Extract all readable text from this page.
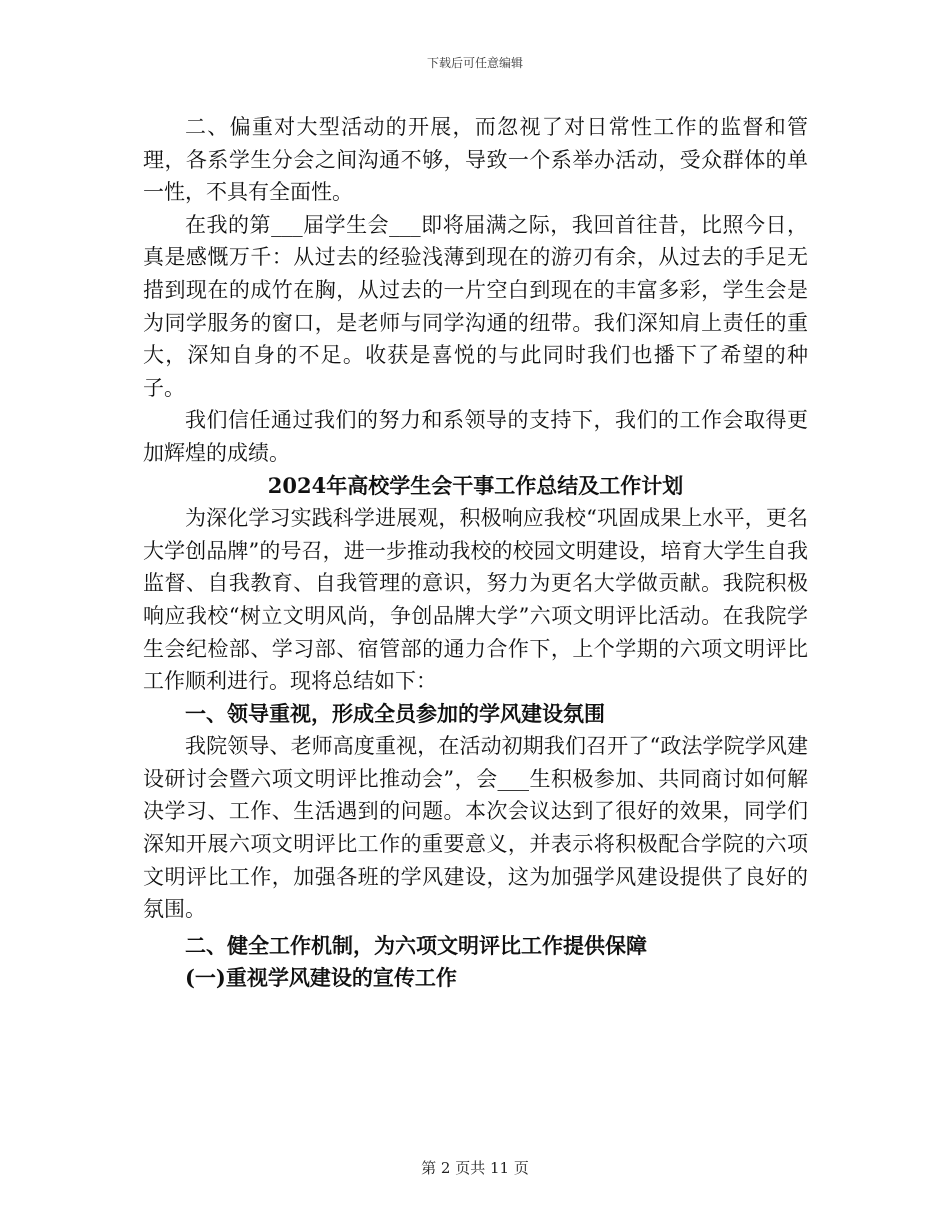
下载后可任意编辑

二、偏重对大型活动的开展，而忽视了对日常性工作的监督和管理，各系学生分会之间沟通不够，导致一个系举办活动，受众群体的单一性，不具有全面性。

在我的第___届学生会___即将届满之际，我回首往昔，比照今日，真是感慨万千：从过去的经验浅薄到现在的游刃有余，从过去的手足无措到现在的成竹在胸，从过去的一片空白到现在的丰富多彩，学生会是为同学服务的窗口，是老师与同学沟通的纽带。我们深知肩上责任的重大，深知自身的不足。收获是喜悦的与此同时我们也播下了希望的种子。

我们信任通过我们的努力和系领导的支持下，我们的工作会取得更加辉煌的成绩。

2024年高校学生会干事工作总结及工作计划

为深化学习实践科学进展观，积极响应我校“巩固成果上水平，更名大学创品牌”的号召，进一步推动我校的校园文明建设，培育大学生自我监督、自我教育、自我管理的意识，努力为更名大学做贡献。我院积极响应我校“树立文明风尚，争创品牌大学”六项文明评比活动。在我院学生会纪检部、学习部、宿管部的通力合作下，上个学期的六项文明评比工作顺利进行。现将总结如下：

一、领导重视，形成全员参加的学风建设氛围

我院领导、老师高度重视，在活动初期我们召开了“政法学院学风建设研讨会暨六项文明评比推动会”，会___生积极参加、共同商讨如何解决学习、工作、生活遇到的问题。本次会议达到了很好的效果，同学们深知开展六项文明评比工作的重要意义，并表示将积极配合学院的六项文明评比工作，加强各班的学风建设，这为加强学风建设提供了良好的氛围。

二、健全工作机制，为六项文明评比工作提供保障

(一)重视学风建设的宣传工作

第 2 页共 11 页
